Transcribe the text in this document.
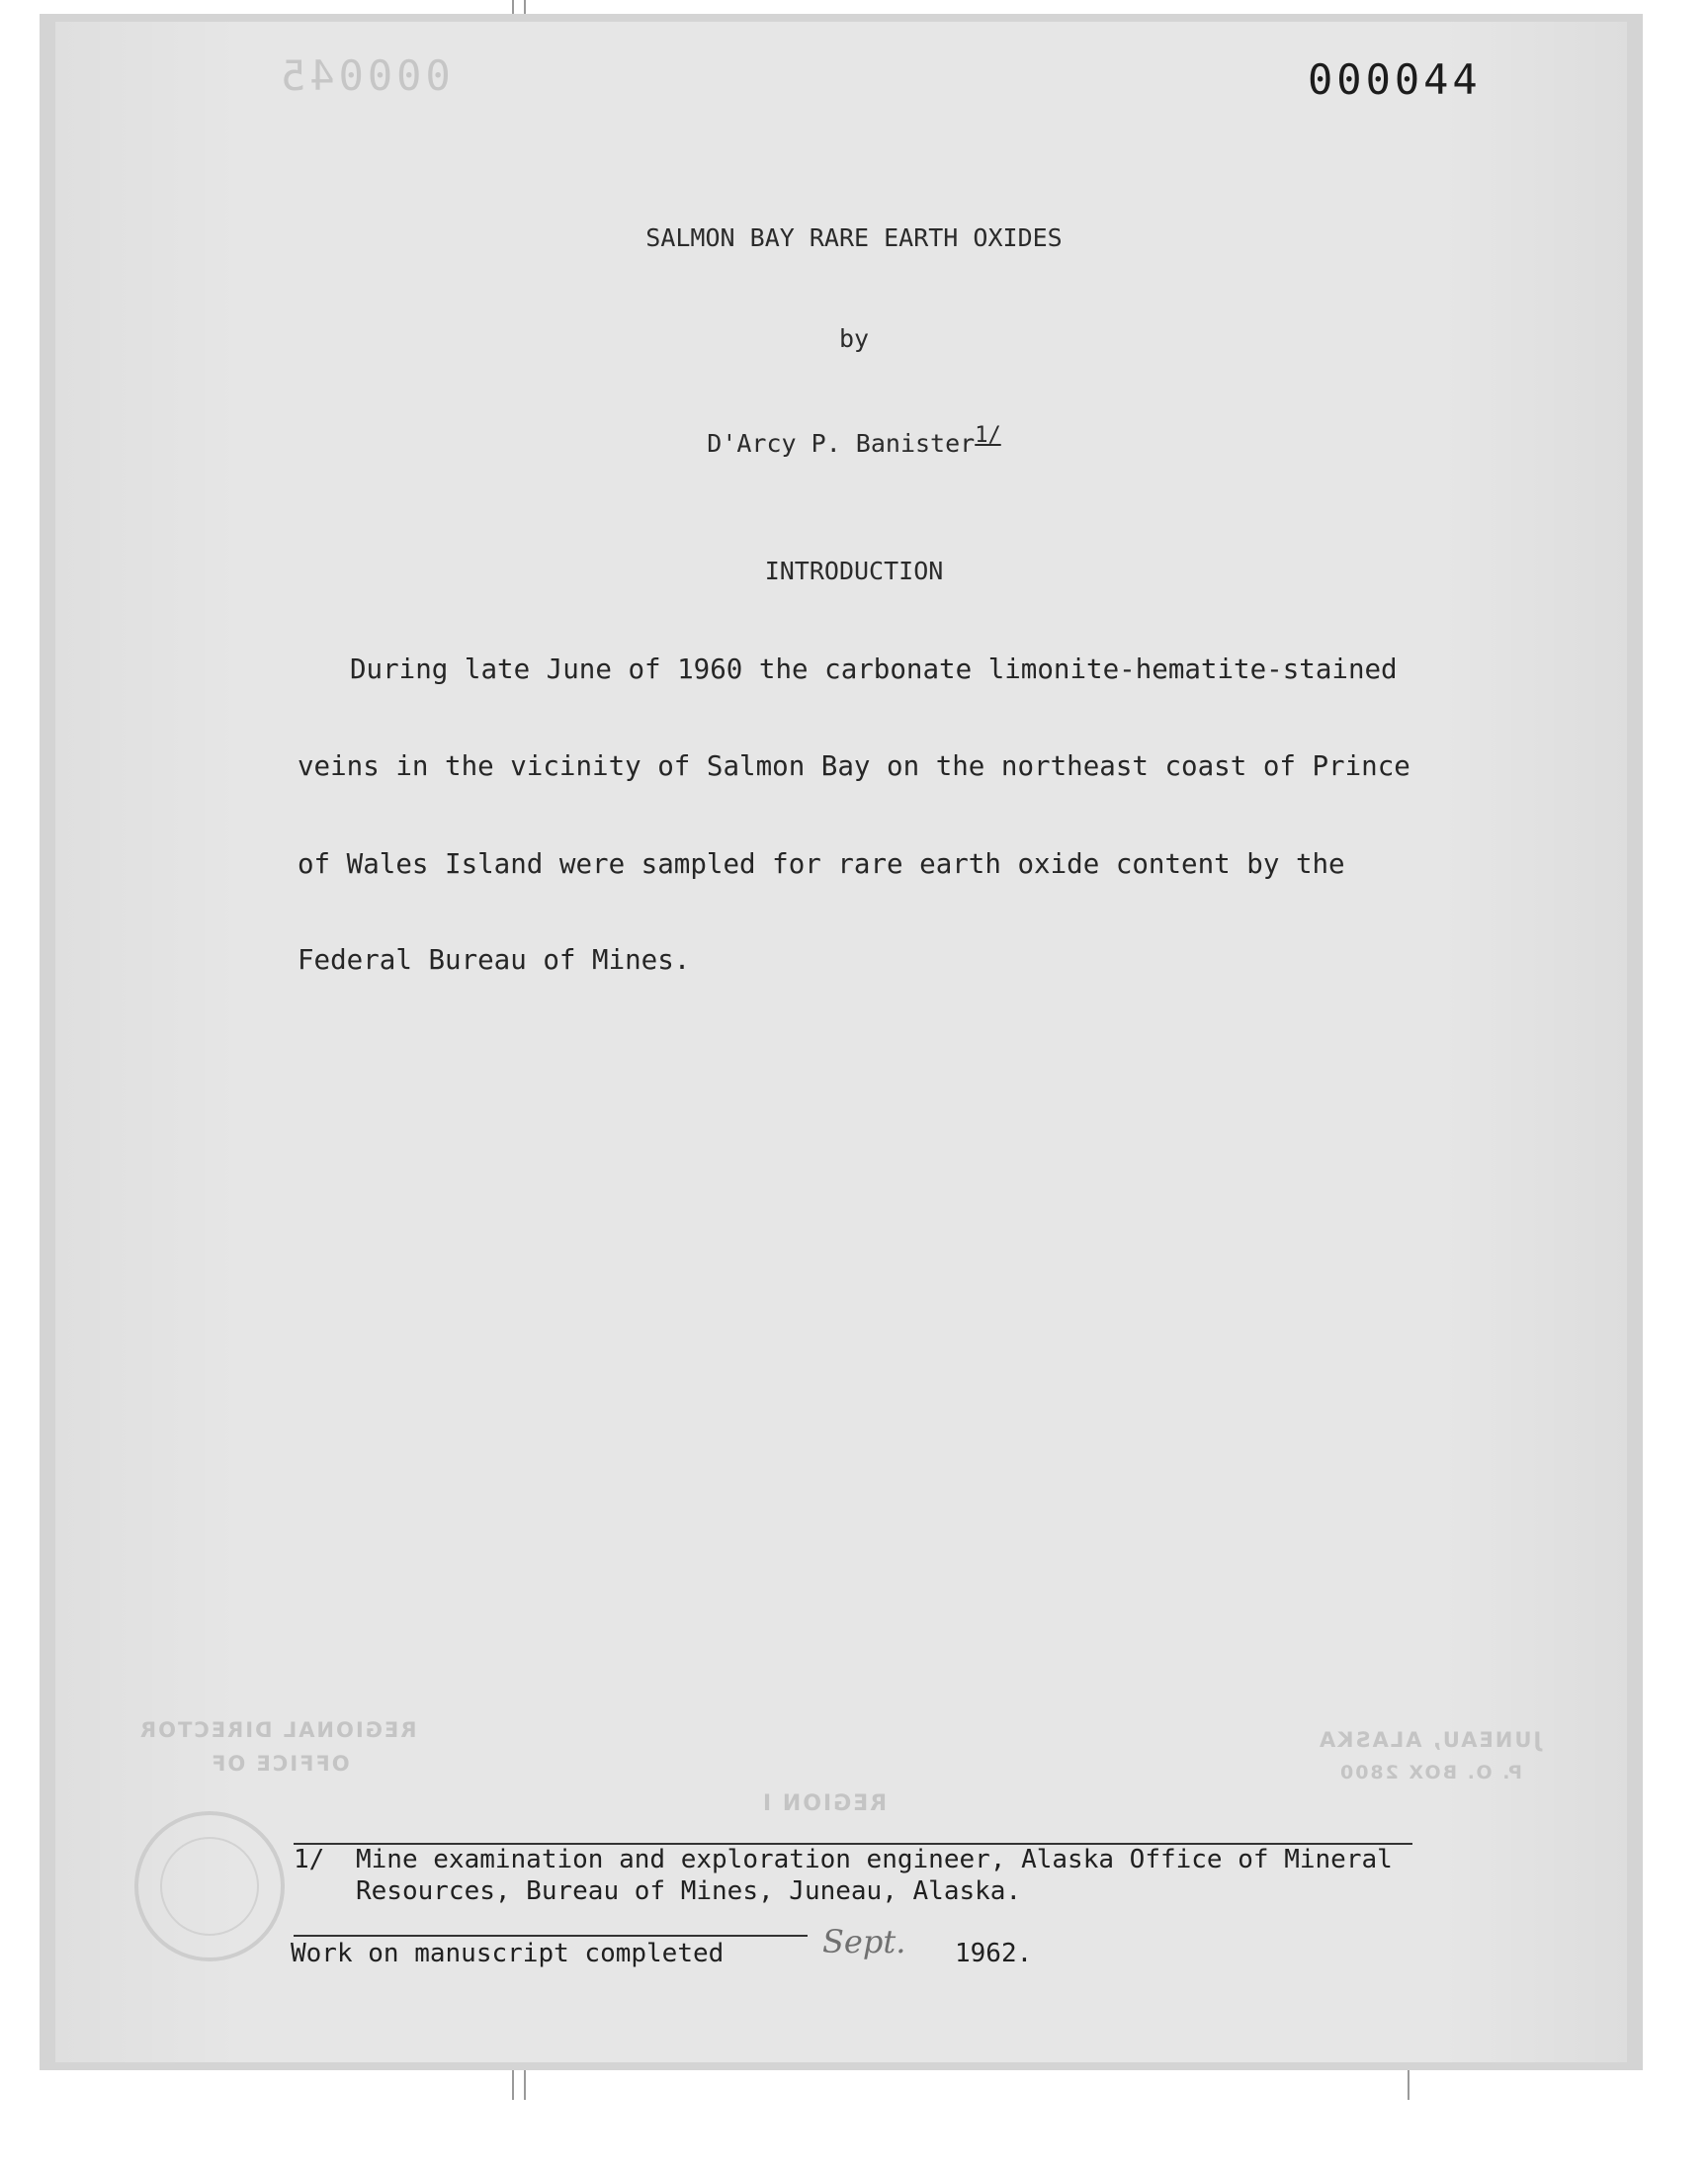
000045	000044
SALMON BAY RARE EARTH OXIDES
by
D'Arcy P. Banister$^{1/}$
INTRODUCTION
During late June of 1960 the carbonate limonite-hematite-stained
veins in the vicinity of Salmon Bay on the northeast coast of Prince
of Wales Island were sampled for rare earth oxide content by the
Federal Bureau of Mines.
REGIONAL DIRECTOR
OFFICE OF
JUNEAU, ALASKA
P. O. BOX 2800
REGION I
1/ Mine examination and exploration engineer, Alaska Office of Mineral
Resources, Bureau of Mines, Juneau, Alaska.
Work on manuscript completed	Sept. 1962.
